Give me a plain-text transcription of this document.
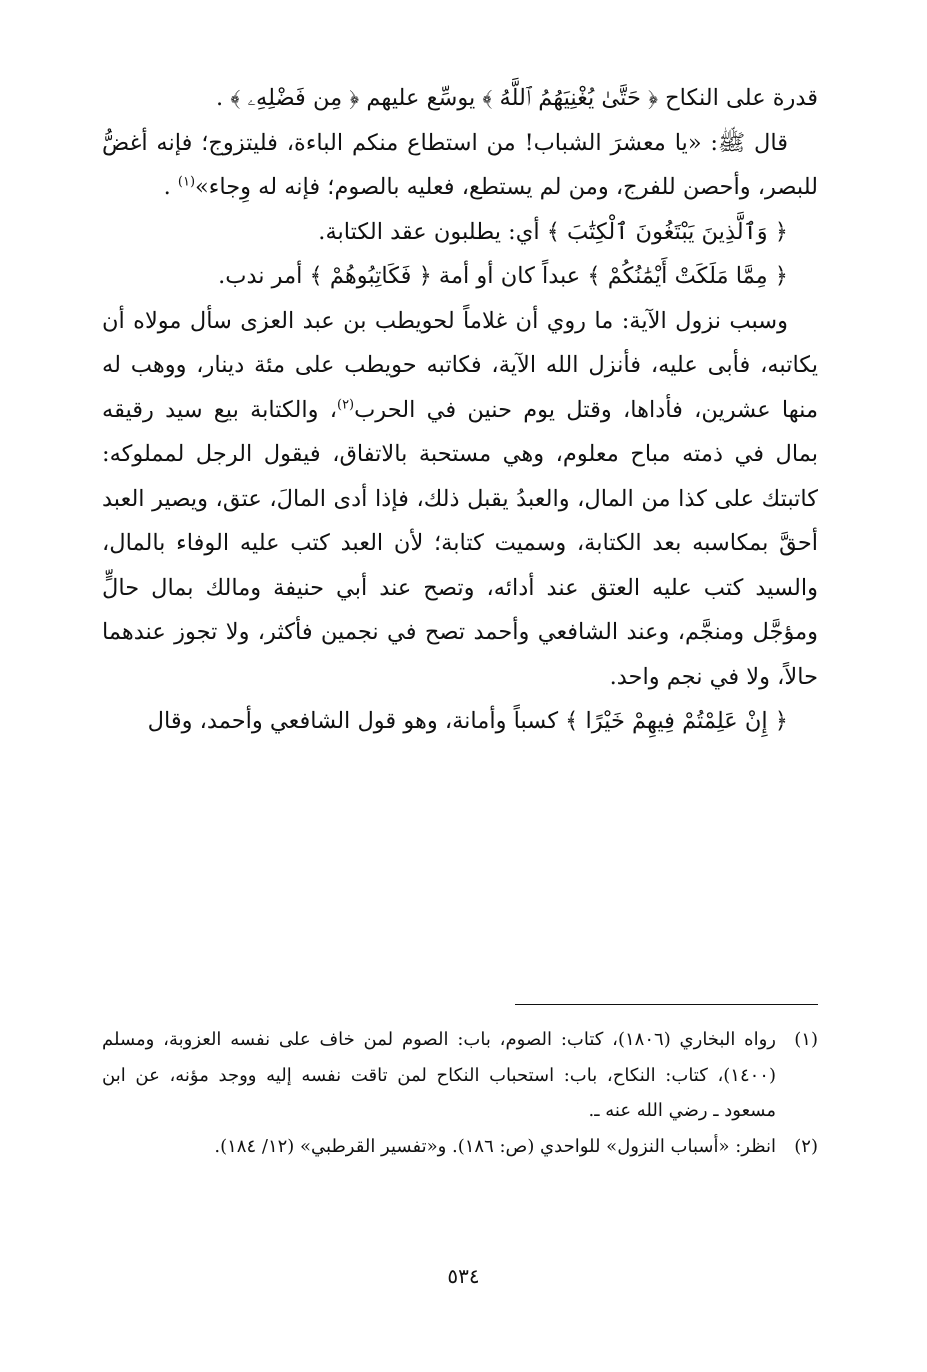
قدرة على النكاح ﴿ حَتَّىٰ يُغْنِيَهُمُ ٱللَّهُ ﴾ يوسِّع عليهم ﴿ مِن فَضْلِهِۦ ﴾ .

قال ﷺ: «يا معشرَ الشباب! من استطاع منكم الباءة، فليتزوج؛ فإنه أغضُّ للبصر، وأحصن للفرج، ومن لم يستطع، فعليه بالصوم؛ فإنه له وِجاء»$^{(١)}$ .

﴿ وَٱلَّذِينَ يَبْتَغُونَ ٱلْكِتَٰبَ ﴾ أي: يطلبون عقد الكتابة.

﴿ مِمَّا مَلَكَتْ أَيْمَٰنُكُمْ ﴾ عبداً كان أو أمة ﴿ فَكَاتِبُوهُمْ ﴾ أمر ندب.

وسبب نزول الآية: ما روي أن غلاماً لحويطب بن عبد العزى سأل مولاه أن يكاتبه، فأبى عليه، فأنزل الله الآية، فكاتبه حويطب على مئة دينار، ووهب له منها عشرين، فأداها، وقتل يوم حنين في الحرب$^{(٢)}$، والكتابة بيع سيد رقيقه بمال في ذمته مباح معلوم، وهي مستحبة بالاتفاق، فيقول الرجل لمملوكه: كاتبتك على كذا من المال، والعبدُ يقبل ذلك، فإذا أدى المالَ، عتق، ويصير العبد أحقَّ بمكاسبه بعد الكتابة، وسميت كتابة؛ لأن العبد كتب عليه الوفاء بالمال، والسيد كتب عليه العتق عند أدائه، وتصح عند أبي حنيفة ومالك بمال حالٍّ ومؤجَّل ومنجَّم، وعند الشافعي وأحمد تصح في نجمين فأكثر، ولا تجوز عندهما حالاً، ولا في نجم واحد.

﴿ إِنْ عَلِمْتُمْ فِيهِمْ خَيْرًا ﴾ كسباً وأمانة، وهو قول الشافعي وأحمد، وقال

(١)
رواه البخاري (١٨٠٦)، كتاب: الصوم، باب: الصوم لمن خاف على نفسه العزوبة، ومسلم (١٤٠٠)، كتاب: النكاح، باب: استحباب النكاح لمن تاقت نفسه إليه ووجد مؤنه، عن ابن مسعود ـ رضي الله عنه ـ.
(٢)
انظر: «أسباب النزول» للواحدي (ص: ١٨٦). و«تفسير القرطبي» (١٢/ ١٨٤).
٥٣٤
